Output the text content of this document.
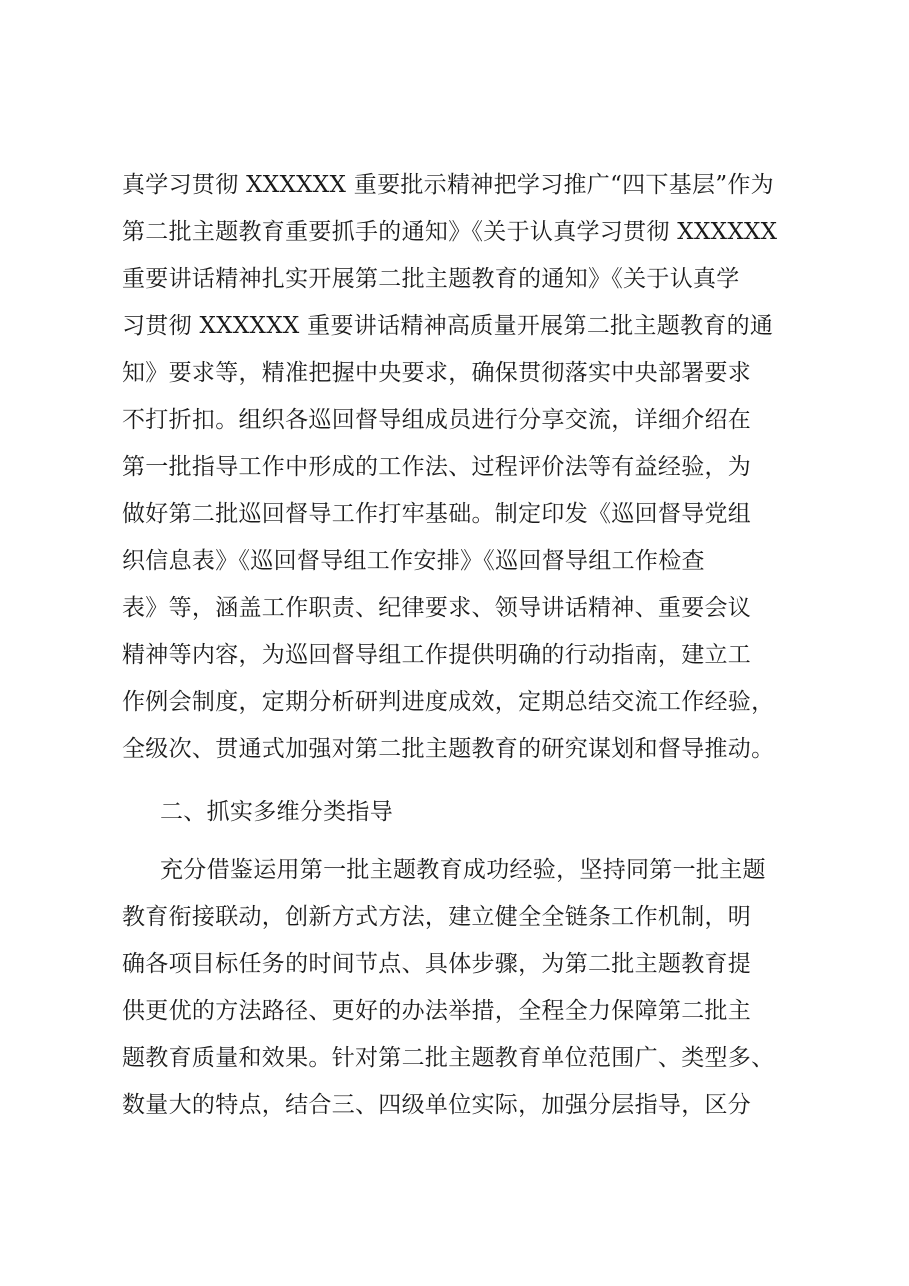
真学习贯彻 XXXXXX 重要批示精神把学习推广“四下基层”作为
第二批主题教育重要抓手的通知》《关于认真学习贯彻 XXXXXX
重要讲话精神扎实开展第二批主题教育的通知》《关于认真学
习贯彻 XXXXXX 重要讲话精神高质量开展第二批主题教育的通
知》要求等，精准把握中央要求，确保贯彻落实中央部署要求
不打折扣。组织各巡回督导组成员进行分享交流，详细介绍在
第一批指导工作中形成的工作法、过程评价法等有益经验，为
做好第二批巡回督导工作打牢基础。制定印发《巡回督导党组
织信息表》《巡回督导组工作安排》《巡回督导组工作检查
表》等，涵盖工作职责、纪律要求、领导讲话精神、重要会议
精神等内容，为巡回督导组工作提供明确的行动指南，建立工
作例会制度，定期分析研判进度成效，定期总结交流工作经验，
全级次、贯通式加强对第二批主题教育的研究谋划和督导推动。
二、抓实多维分类指导
充分借鉴运用第一批主题教育成功经验，坚持同第一批主题
教育衔接联动，创新方式方法，建立健全全链条工作机制，明
确各项目标任务的时间节点、具体步骤，为第二批主题教育提
供更优的方法路径、更好的办法举措，全程全力保障第二批主
题教育质量和效果。针对第二批主题教育单位范围广、类型多、
数量大的特点，结合三、四级单位实际，加强分层指导，区分
